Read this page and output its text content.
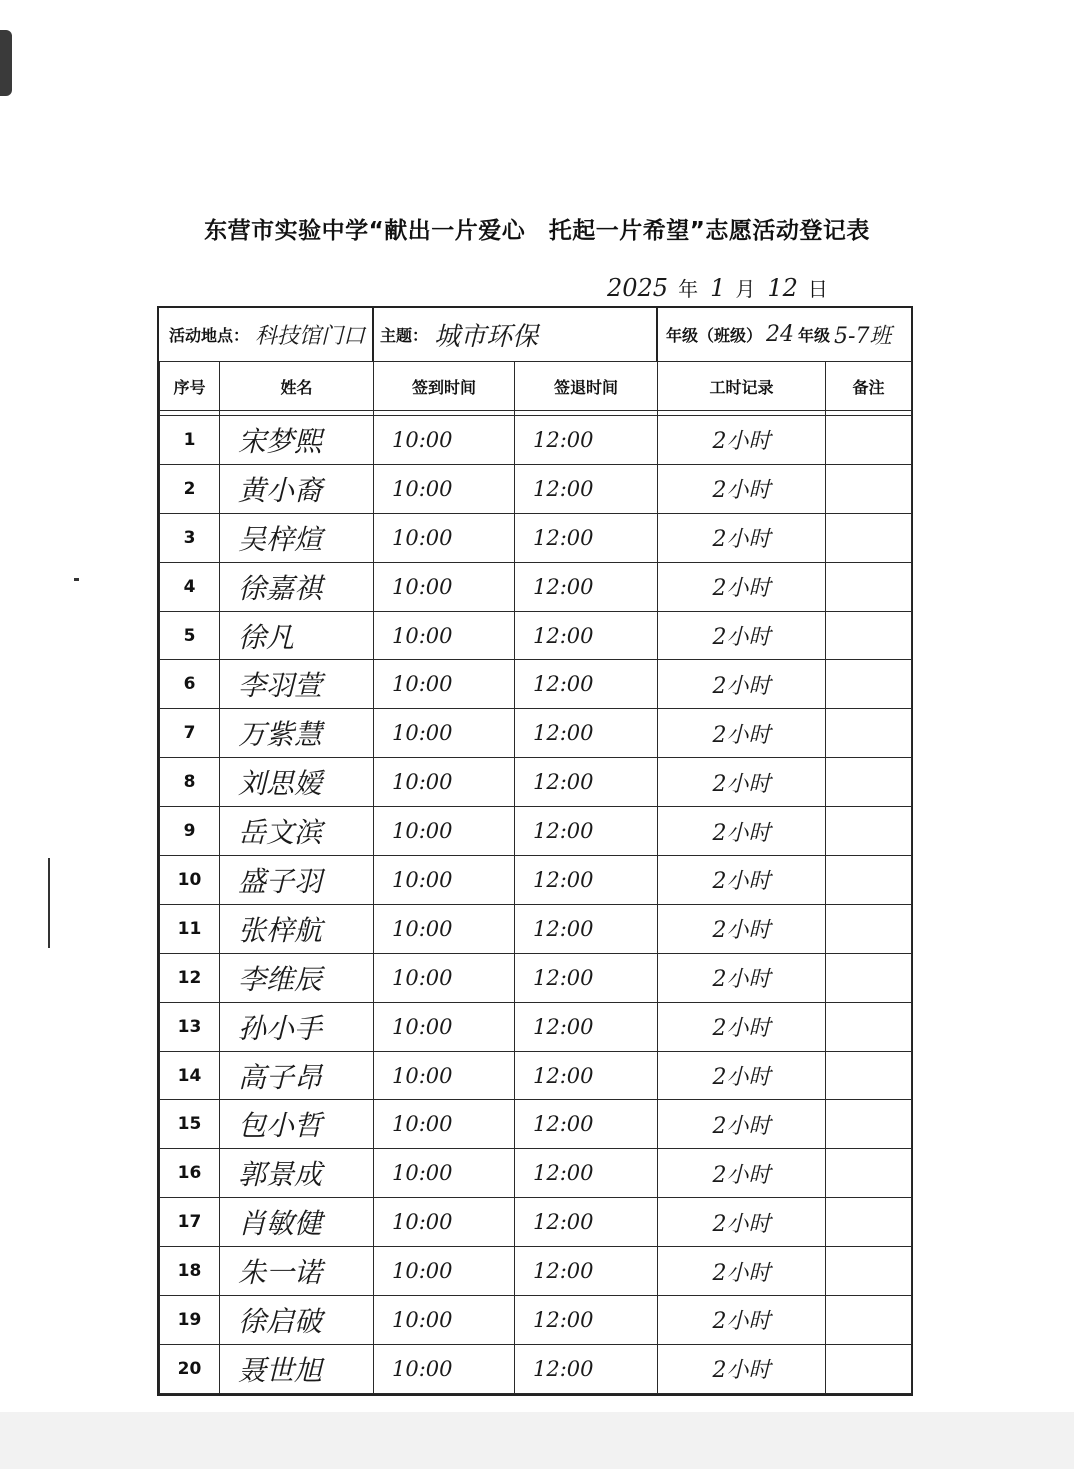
东营市实验中学“献出一片爱心　托起一片希望”志愿活动登记表
2025 年 1 月 12 日
活动地点： 科技馆门口 主题： 城市环保	年级（班级） 24 年级 5-7班
序号	姓名	签到时间	签退时间	工时记录	备注

1	宋梦熙	10:00	12:00	2小时	
2	黄小裔	10:00	12:00	2小时	
3	吴梓煊	10:00	12:00	2小时	
4	徐嘉祺	10:00	12:00	2小时	
5	徐凡	10:00	12:00	2小时	
6	李羽萱	10:00	12:00	2小时	
7	万紫慧	10:00	12:00	2小时	
8	刘思嫒	10:00	12:00	2小时	
9	岳文滨	10:00	12:00	2小时	
10	盛子羽	10:00	12:00	2小时	
11	张梓航	10:00	12:00	2小时	
12	李维辰	10:00	12:00	2小时	
13	孙小手	10:00	12:00	2小时	
14	高子昂	10:00	12:00	2小时	
15	包小哲	10:00	12:00	2小时	
16	郭景成	10:00	12:00	2小时	
17	肖敏健	10:00	12:00	2小时	
18	朱一诺	10:00	12:00	2小时	
19	徐启破	10:00	12:00	2小时	
20	聂世旭	10:00	12:00	2小时	
